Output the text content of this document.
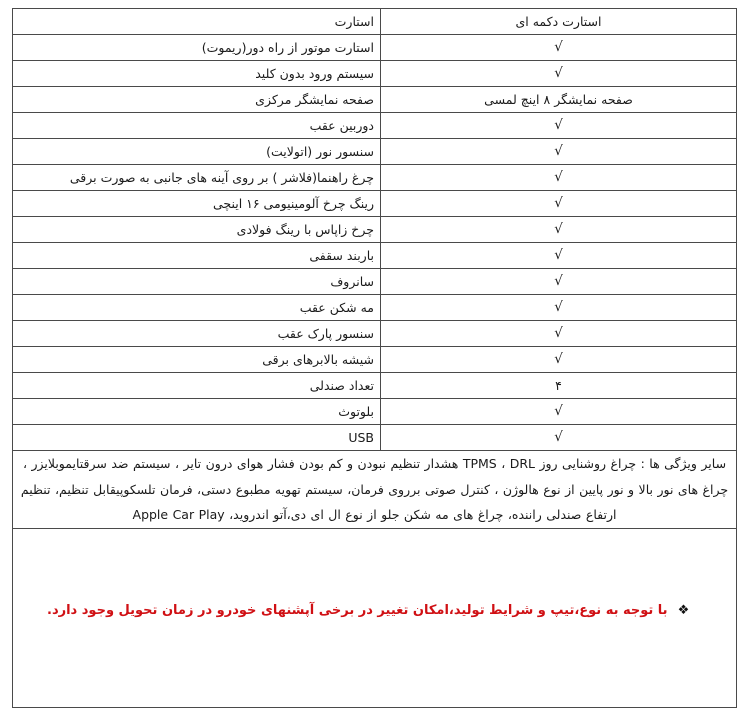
استارت دکمه ای	استارت
√	استارت موتور از راه دور(ریموت)
√	سیستم ورود بدون کلید
صفحه نمایشگر ۸ اینچ لمسی	صفحه نمایشگر مرکزی
√	دوربین عقب
√	سنسور نور (اتولایت)
√	چرغ راهنما(فلاشر ) بر روی آینه های جانبی به صورت برقی
√	رینگ چرخ آلومینیومی ۱۶ اینچی
√	چرخ زاپاس با رینگ فولادی
√	باربند سقفی
√	سانروف
√	مه شکن عقب
√	سنسور پارک عقب
√	شیشه بالابرهای برقی
۴	تعداد صندلی
√	بلوتوث
√	USB

سایر ویژگی ها : چراغ روشنایی روز TPMS ، DRL هشدار تنظیم نبودن و کم بودن فشار هوای درون تایر ، سیستم ضد سرقتایموبلایزر ، چراغ های نور بالا و نور پایین از نوع هالوژن ، کنترل صوتی برروی فرمان، سیستم تهویه مطبوع دستی، فرمان تلسکوپیقابل تنظیم، تنظیم ارتفاع صندلی راننده، چراغ های مه شکن جلو از نوع ال ای دی،آتو اندروید، Apple Car Play	

❖
با توجه به نوع،تیپ و شرایط تولید،امکان تغییر در برخی آپشنهای خودرو در زمان تحویل وجود دارد.	
